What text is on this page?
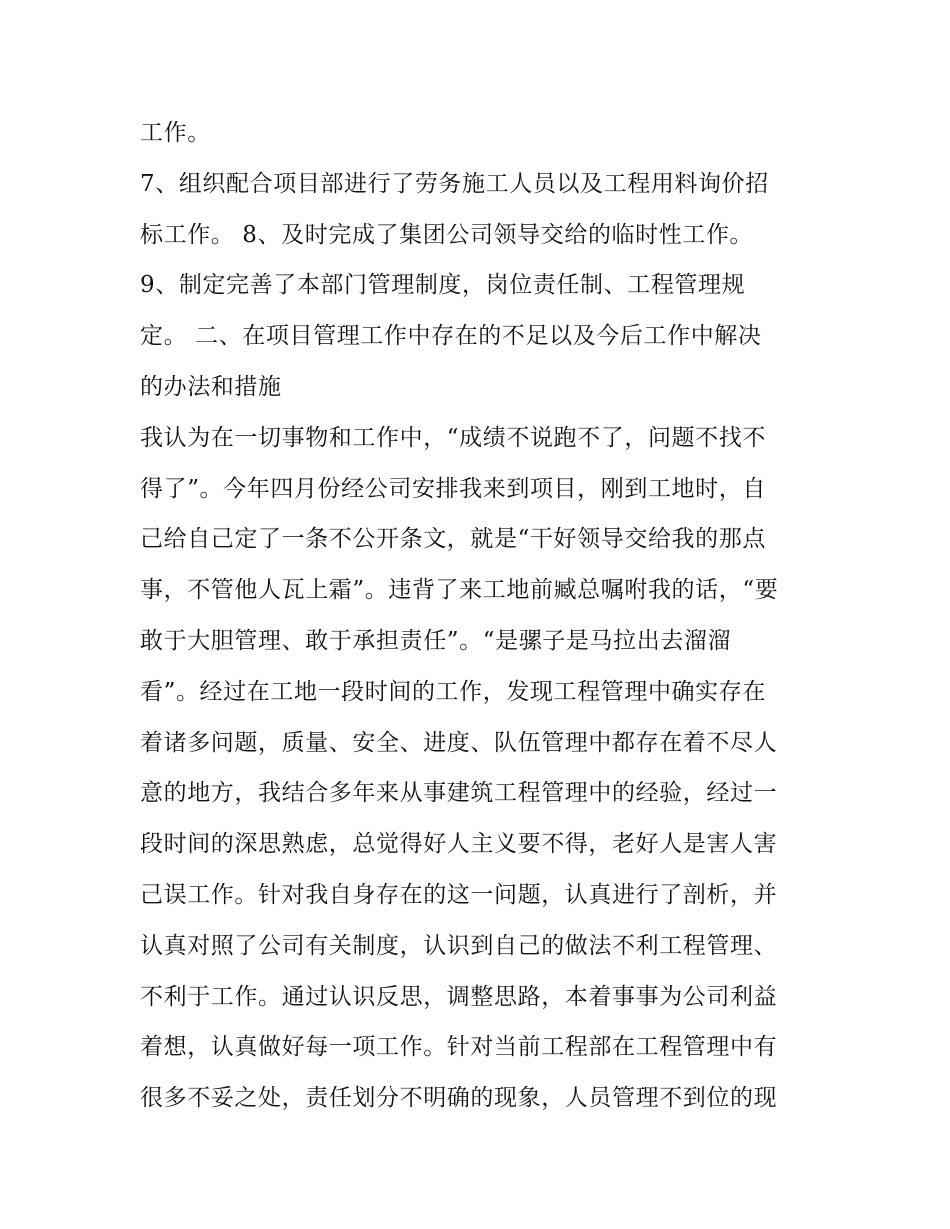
工作。
7、组织配合项目部进行了劳务施工人员以及工程用料询价招
标工作。 8、及时完成了集团公司领导交给的临时性工作。
9、制定完善了本部门管理制度，岗位责任制、工程管理规
定。 二、在项目管理工作中存在的不足以及今后工作中解决
的办法和措施
我认为在一切事物和工作中，“成绩不说跑不了，问题不找不
得了”。今年四月份经公司安排我来到项目，刚到工地时，自
己给自己定了一条不公开条文，就是“干好领导交给我的那点
事，不管他人瓦上霜”。违背了来工地前臧总嘱咐我的话，“要
敢于大胆管理、敢于承担责任”。“是骡子是马拉出去溜溜
看”。经过在工地一段时间的工作，发现工程管理中确实存在
着诸多问题，质量、安全、进度、队伍管理中都存在着不尽人
意的地方，我结合多年来从事建筑工程管理中的经验，经过一
段时间的深思熟虑，总觉得好人主义要不得，老好人是害人害
己误工作。针对我自身存在的这一问题，认真进行了剖析，并
认真对照了公司有关制度，认识到自己的做法不利工程管理、
不利于工作。通过认识反思，调整思路，本着事事为公司利益
着想，认真做好每一项工作。针对当前工程部在工程管理中有
很多不妥之处，责任划分不明确的现象，人员管理不到位的现
